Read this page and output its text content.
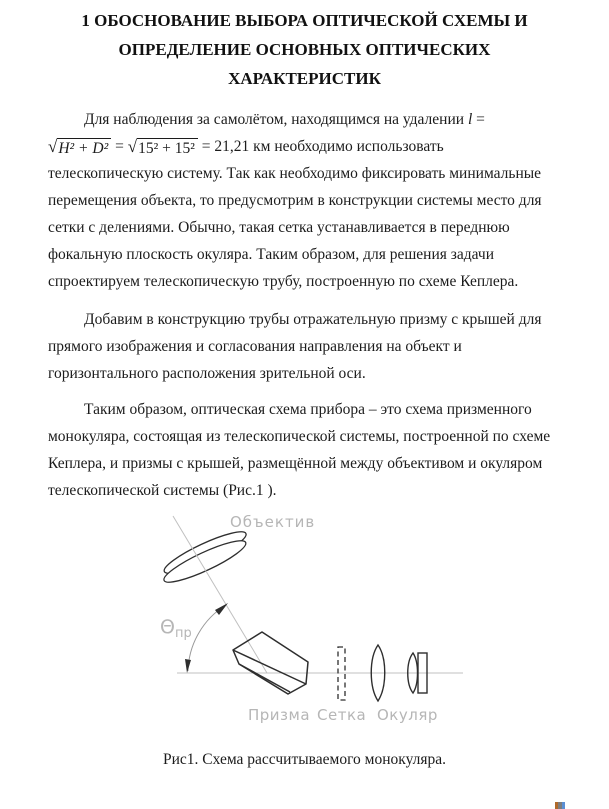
1 ОБОСНОВАНИЕ ВЫБОРА ОПТИЧЕСКОЙ СХЕМЫ И
ОПРЕДЕЛЕНИЕ ОСНОВНЫХ ОПТИЧЕСКИХ
ХАРАКТЕРИСТИК
Для наблюдения за самолётом, находящимся на удалении l =
√H² + D² = √15² + 15² = 21,21 км необходимо использовать
телескопическую систему. Так как необходимо фиксировать минимальные
перемещения объекта, то предусмотрим в конструкции системы место для
сетки с делениями. Обычно, такая сетка устанавливается в переднюю
фокальную плоскость окуляра. Таким образом, для решения задачи
спроектируем телескопическую трубу, построенную по схеме Кеплера.
Добавим в конструкцию трубы отражательную призму с крышей для
прямого изображения и согласования направления на объект и
горизонтального расположения зрительной оси.
Таким образом, оптическая схема прибора – это схема призменного
монокуляра, состоящая из телескопической системы, построенной по схеме
Кеплера, и призмы с крышей, размещённой между объективом и окуляром
телескопической системы (Рис.1 ).
Объектив
$\Theta_{пр}$
Призма Сетка Окуляр
Рис1. Схема рассчитываемого монокуляра.
